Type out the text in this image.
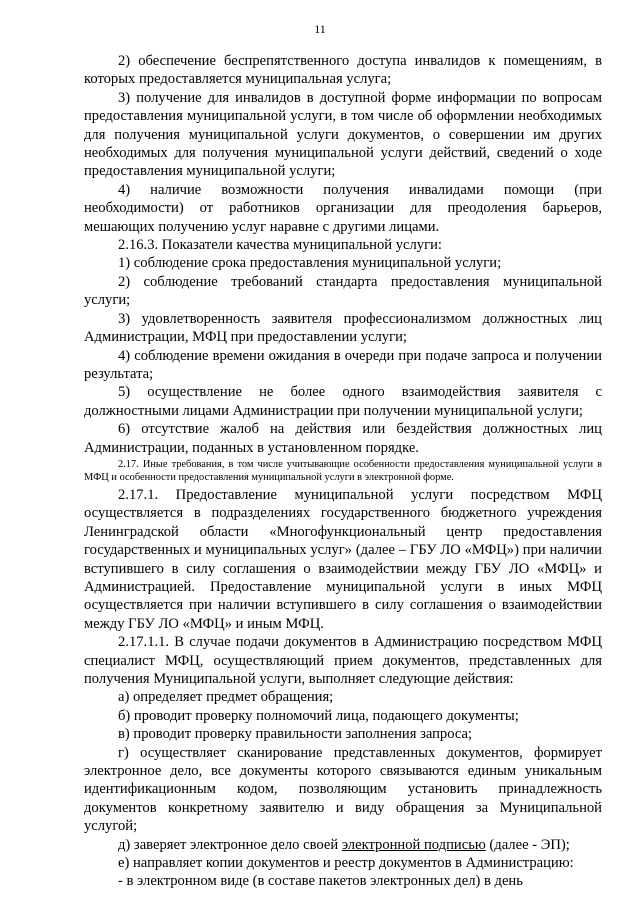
11

2) обеспечение беспрепятственного доступа инвалидов к помещениям, в которых предоставляется муниципальная услуга;

3) получение для инвалидов в доступной форме информации по вопросам предоставления муниципальной услуги, в том числе об оформлении необходимых для получения муниципальной услуги документов, о совершении им других необходимых для получения муниципальной услуги действий, сведений о ходе предоставления муниципальной услуги;

4) наличие возможности получения инвалидами помощи (при необходимости) от работников организации для преодоления барьеров, мешающих получению услуг наравне с другими лицами.

2.16.3. Показатели качества муниципальной услуги:

1) соблюдение срока предоставления муниципальной услуги;

2) соблюдение требований стандарта предоставления муниципальной услуги;

3) удовлетворенность заявителя профессионализмом должностных лиц Администрации, МФЦ при предоставлении услуги;

4) соблюдение времени ожидания в очереди при подаче запроса и получении результата;

5) осуществление не более одного взаимодействия заявителя с должностными лицами Администрации при получении муниципальной услуги;

6) отсутствие жалоб на действия или бездействия должностных лиц Администрации, поданных в установленном порядке.

2.17. Иные требования, в том числе учитывающие особенности предоставления муниципальной услуги в МФЦ и особенности предоставления муниципальной услуги в электронной форме.

2.17.1. Предоставление муниципальной услуги посредством МФЦ осуществляется в подразделениях государственного бюджетного учреждения Ленинградской области «Многофункциональный центр предоставления государственных и муниципальных услуг» (далее – ГБУ ЛО «МФЦ») при наличии вступившего в силу соглашения о взаимодействии между ГБУ ЛО «МФЦ» и Администрацией. Предоставление муниципальной услуги в иных МФЦ осуществляется при наличии вступившего в силу соглашения о взаимодействии между ГБУ ЛО «МФЦ» и иным МФЦ.

2.17.1.1. В случае подачи документов в Администрацию посредством МФЦ специалист МФЦ, осуществляющий прием документов, представленных для получения Муниципальной услуги, выполняет следующие действия:

а) определяет предмет обращения;

б) проводит проверку полномочий лица, подающего документы;

в) проводит проверку правильности заполнения запроса;

г) осуществляет сканирование представленных документов, формирует электронное дело, все документы которого связываются единым уникальным идентификационным кодом, позволяющим установить принадлежность документов конкретному заявителю и виду обращения за Муниципальной услугой;

д) заверяет электронное дело своей электронной подписью (далее - ЭП);

е) направляет копии документов и реестр документов в Администрацию:

- в электронном виде (в составе пакетов электронных дел) в день
